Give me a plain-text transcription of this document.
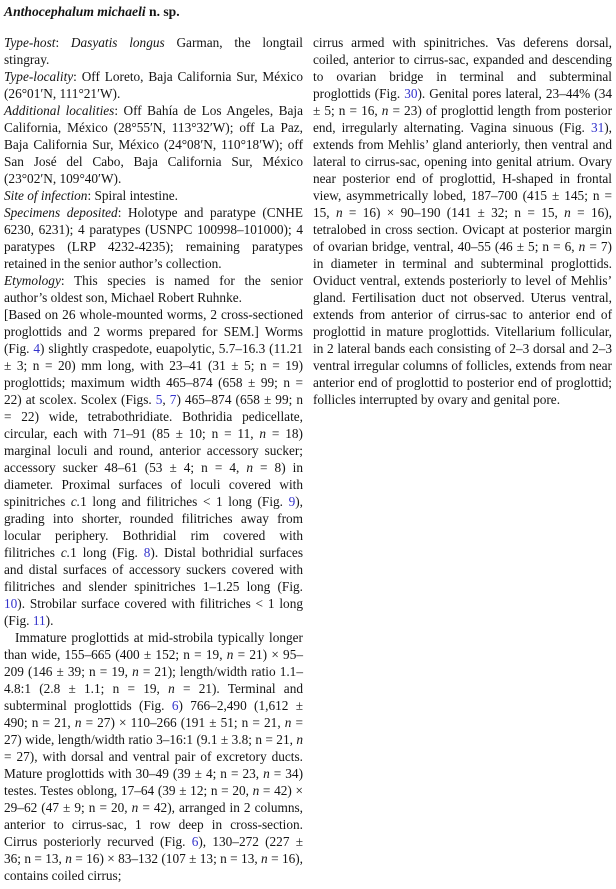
Anthocephalum michaeli n. sp.

Type-host: Dasyatis longus Garman, the longtail stingray.

Type-locality: Off Loreto, Baja California Sur, México (26°01′N, 111°21′W).

Additional localities: Off Bahía de Los Angeles, Baja California, México (28°55′N, 113°32′W); off La Paz, Baja California Sur, México (24°08′N, 110°18′W); off San José del Cabo, Baja California Sur, México (23°02′N, 109°40′W).

Site of infection: Spiral intestine.

Specimens deposited: Holotype and paratype (CNHE 6230, 6231); 4 paratypes (USNPC 100998–101000); 4 paratypes (LRP 4232-4235); remaining paratypes retained in the senior author’s collection.

Etymology: This species is named for the senior author’s oldest son, Michael Robert Ruhnke.

[Based on 26 whole-mounted worms, 2 cross-sectioned proglottids and 2 worms prepared for SEM.] Worms (Fig. 4) slightly craspedote, euapolytic, 5.7–16.3 (11.21 ± 3; n = 20) mm long, with 23–41 (31 ± 5; n = 19) proglottids; maximum width 465–874 (658 ± 99; n = 22) at scolex. Scolex (Figs. 5, 7) 465–874 (658 ± 99; n = 22) wide, tetrabothridiate. Bothridia pedicellate, circular, each with 71–91 (85 ± 10; n = 11, n = 18) marginal loculi and round, anterior accessory sucker; accessory sucker 48–61 (53 ± 4; n = 4, n = 8) in diameter. Proximal surfaces of loculi covered with spinitriches c.1 long and filitriches < 1 long (Fig. 9), grading into shorter, rounded filitriches away from locular periphery. Bothridial rim covered with filitriches c.1 long (Fig. 8). Distal bothridial surfaces and distal surfaces of accessory suckers covered with filitriches and slender spinitriches 1–1.25 long (Fig. 10). Strobilar surface covered with filitriches < 1 long (Fig. 11).

Immature proglottids at mid-strobila typically longer than wide, 155–665 (400 ± 152; n = 19, n = 21) × 95–209 (146 ± 39; n = 19, n = 21); length/width ratio 1.1–4.8:1 (2.8 ± 1.1; n = 19, n = 21). Terminal and subterminal proglottids (Fig. 6) 766–2,490 (1,612 ± 490; n = 21, n = 27) × 110–266 (191 ± 51; n = 21, n = 27) wide, length/width ratio 3–16:1 (9.1 ± 3.8; n = 21, n = 27), with dorsal and ventral pair of excretory ducts. Mature proglottids with 30–49 (39 ± 4; n = 23, n = 34) testes. Testes oblong, 17–64 (39 ± 12; n = 20, n = 42) × 29–62 (47 ± 9; n = 20, n = 42), arranged in 2 columns, anterior to cirrus-sac, 1 row deep in cross-section. Cirrus posteriorly recurved (Fig. 6), 130–272 (227 ± 36; n = 13, n = 16) × 83–132 (107 ± 13; n = 13, n = 16), contains coiled cirrus;

cirrus armed with spinitriches. Vas deferens dorsal, coiled, anterior to cirrus-sac, expanded and descending to ovarian bridge in terminal and subterminal proglottids (Fig. 30). Genital pores lateral, 23–44% (34 ± 5; n = 16, n = 23) of proglottid length from posterior end, irregularly alternating. Vagina sinuous (Fig. 31), extends from Mehlis’ gland anteriorly, then ventral and lateral to cirrus-sac, opening into genital atrium. Ovary near posterior end of proglottid, H-shaped in frontal view, asymmetrically lobed, 187–700 (415 ± 145; n = 15, n = 16) × 90–190 (141 ± 32; n = 15, n = 16), tetralobed in cross section. Ovicapt at posterior margin of ovarian bridge, ventral, 40–55 (46 ± 5; n = 6, n = 7) in diameter in terminal and subterminal proglottids. Oviduct ventral, extends posteriorly to level of Mehlis’ gland. Fertilisation duct not observed. Uterus ventral, extends from anterior of cirrus-sac to anterior end of proglottid in mature proglottids. Vitellarium follicular, in 2 lateral bands each consisting of 2–3 dorsal and 2–3 ventral irregular columns of follicles, extends from near anterior end of proglottid to posterior end of proglottid; follicles interrupted by ovary and genital pore.
